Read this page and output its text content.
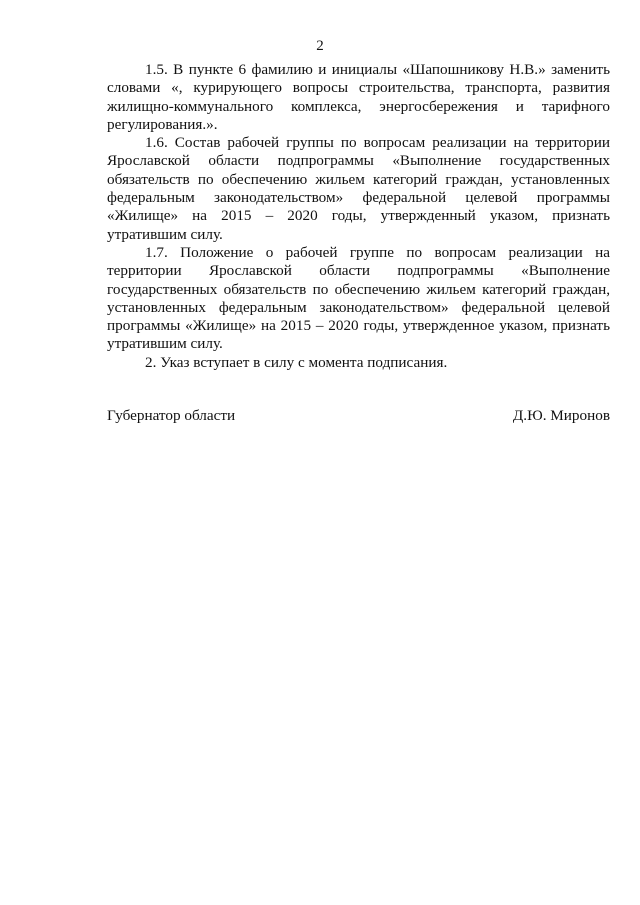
2

1.5. В пункте 6 фамилию и инициалы «Шапошникову Н.В.» заменить словами «, курирующего вопросы строительства, транспорта, развития жилищно-коммунального комплекса, энергосбережения и тарифного регулирования.».

1.6. Состав рабочей группы по вопросам реализации на территории Ярославской области подпрограммы «Выполнение государственных обязательств по обеспечению жильем категорий граждан, установленных федеральным законодательством» федеральной целевой программы «Жилище» на 2015 – 2020 годы, утвержденный указом, признать утратившим силу.

1.7. Положение о рабочей группе по вопросам реализации на территории Ярославской области подпрограммы «Выполнение государственных обязательств по обеспечению жильем категорий граждан, установленных федеральным законодательством» федеральной целевой программы «Жилище» на 2015 – 2020 годы, утвержденное указом, признать утратившим силу.

2. Указ вступает в силу с момента подписания.

Губернатор области	Д.Ю. Миронов
